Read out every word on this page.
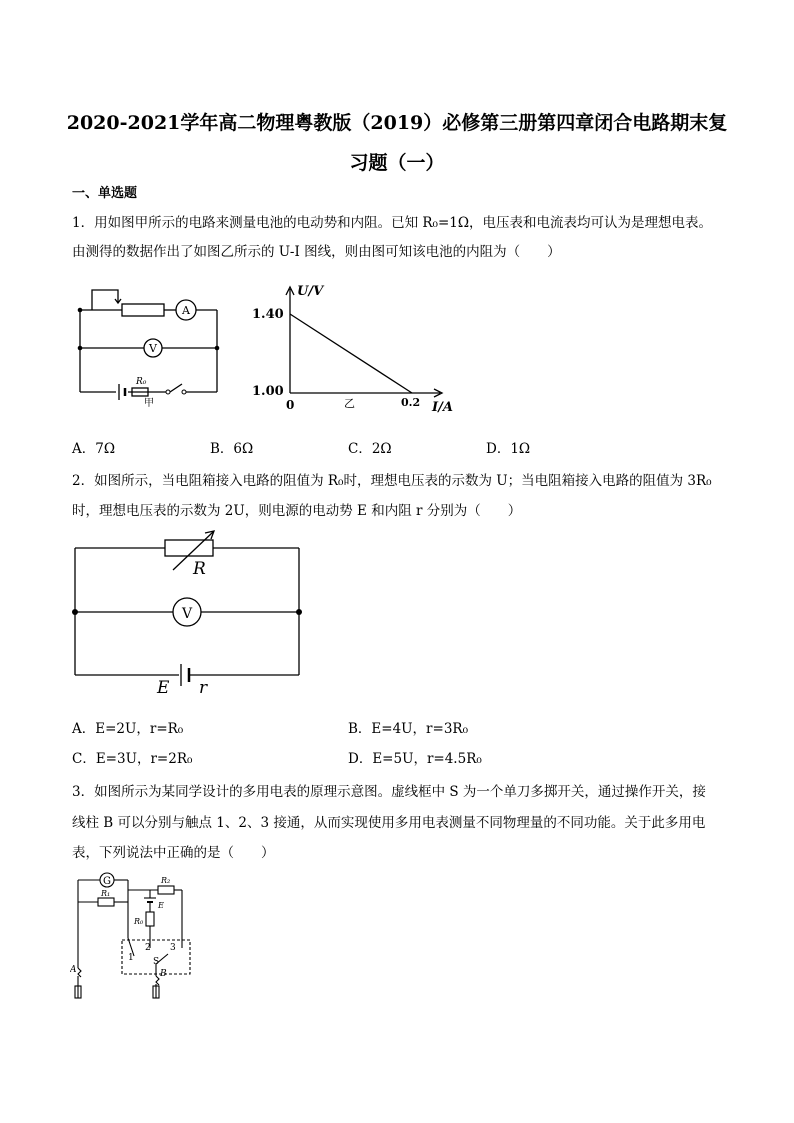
2020-2021学年高二物理粤教版（2019）必修第三册第四章闭合电路期末复
习题（一）
一、单选题
1．用如图甲所示的电路来测量电池的电动势和内阻。已知 R₀=1Ω，电压表和电流表均可认为是理想电表。
由测得的数据作出了如图乙所示的 U-I 图线，则由图可知该电池的内阻为（　　）
A
V
R₀
甲
U/V
I/A
1.40
1.00
0	0.2
乙
A．7Ω	B．6Ω	C．2Ω	D．1Ω
2．如图所示，当电阻箱接入电路的阻值为 R₀时，理想电压表的示数为 U；当电阻箱接入电路的阻值为 3R₀
时，理想电压表的示数为 2U，则电源的电动势 E 和内阻 r 分别为（　　）
R
V
E r
A．E=2U，r=R₀	B．E=4U，r=3R₀
C．E=3U，r=2R₀	D．E=5U，r=4.5R₀
3．如图所示为某同学设计的多用电表的原理示意图。虚线框中 S 为一个单刀多掷开关，通过操作开关，接
线柱 B 可以分别与触点 1、2、3 接通，从而实现使用多用电表测量不同物理量的不同功能。关于此多用电
表，下列说法中正确的是（　　）
G
R₁
R₂
E
R₀
1
2 3
S
A	B
